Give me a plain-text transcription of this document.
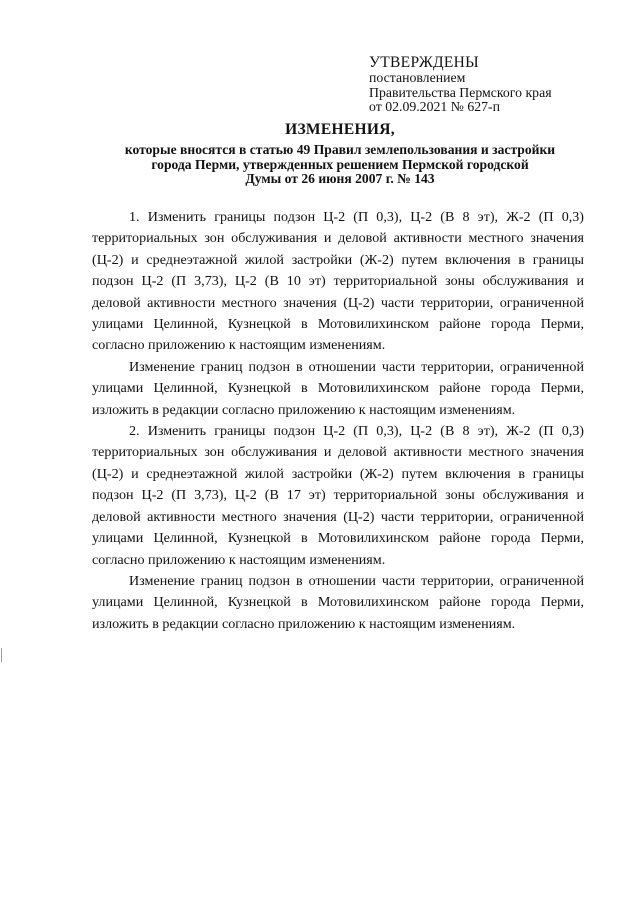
УТВЕРЖДЕНЫ
постановлением
Правительства Пермского края
от 02.09.2021 № 627-п
ИЗМЕНЕНИЯ,
которые вносятся в статью 49 Правил землепользования и застройки
города Перми, утвержденных решением Пермской городской
Думы от 26 июня 2007 г. № 143

1. Изменить границы подзон Ц-2 (П 0,3), Ц-2 (В 8 эт), Ж-2 (П 0,3) территориальных зон обслуживания и деловой активности местного значения (Ц-2) и среднеэтажной жилой застройки (Ж-2) путем включения в границы подзон Ц-2 (П 3,73), Ц-2 (В 10 эт) территориальной зоны обслуживания и деловой активности местного значения (Ц-2) части территории, ограниченной улицами Целинной, Кузнецкой в Мотовилихинском районе города Перми, согласно приложению к настоящим изменениям.

Изменение границ подзон в отношении части территории, ограниченной улицами Целинной, Кузнецкой в Мотовилихинском районе города Перми, изложить в редакции согласно приложению к настоящим изменениям.

2. Изменить границы подзон Ц-2 (П 0,3), Ц-2 (В 8 эт), Ж-2 (П 0,3) территориальных зон обслуживания и деловой активности местного значения (Ц-2) и среднеэтажной жилой застройки (Ж-2) путем включения в границы подзон Ц-2 (П 3,73), Ц-2 (В 17 эт) территориальной зоны обслуживания и деловой активности местного значения (Ц-2) части территории, ограниченной улицами Целинной, Кузнецкой в Мотовилихинском районе города Перми, согласно приложению к настоящим изменениям.

Изменение границ подзон в отношении части территории, ограниченной улицами Целинной, Кузнецкой в Мотовилихинском районе города Перми, изложить в редакции согласно приложению к настоящим изменениям.
